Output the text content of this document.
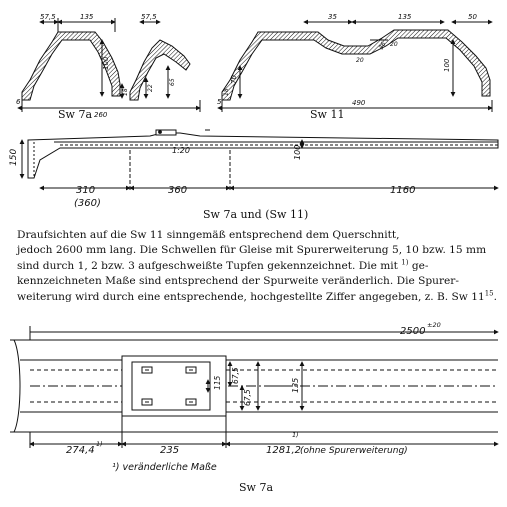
57,5	135	57,5
100
18
65
22
6
260
Sw 7a
35	135	50
70
100
18
20
36 20
5	490
Sw 11
150	1:20	100
310
(360)
360	1160
Sw 7a und (Sw 11)
2500
±20
115 67,5
67,5
135
274,4
1)
235	1281,2
1)
(ohne Spurerweiterung)
¹) veränderliche Maße
Sw 7a

Draufsichten auf die Sw 11 sinngemäß entsprechend dem Querschnitt,

jedoch 2600 mm lang. Die Schwellen für Gleise mit Spurerweiterung 5, 10 bzw. 15 mm

sind durch 1, 2 bzw. 3 aufgeschweißte Tupfen gekennzeichnet. Die mit $^{1)}$ ge-

kennzeichneten Maße sind entsprechend der Spurweite veränderlich. Die Spurer-

weiterung wird durch eine entsprechende, hochgestellte Ziffer angegeben, z. B. Sw $11^{15}$.
